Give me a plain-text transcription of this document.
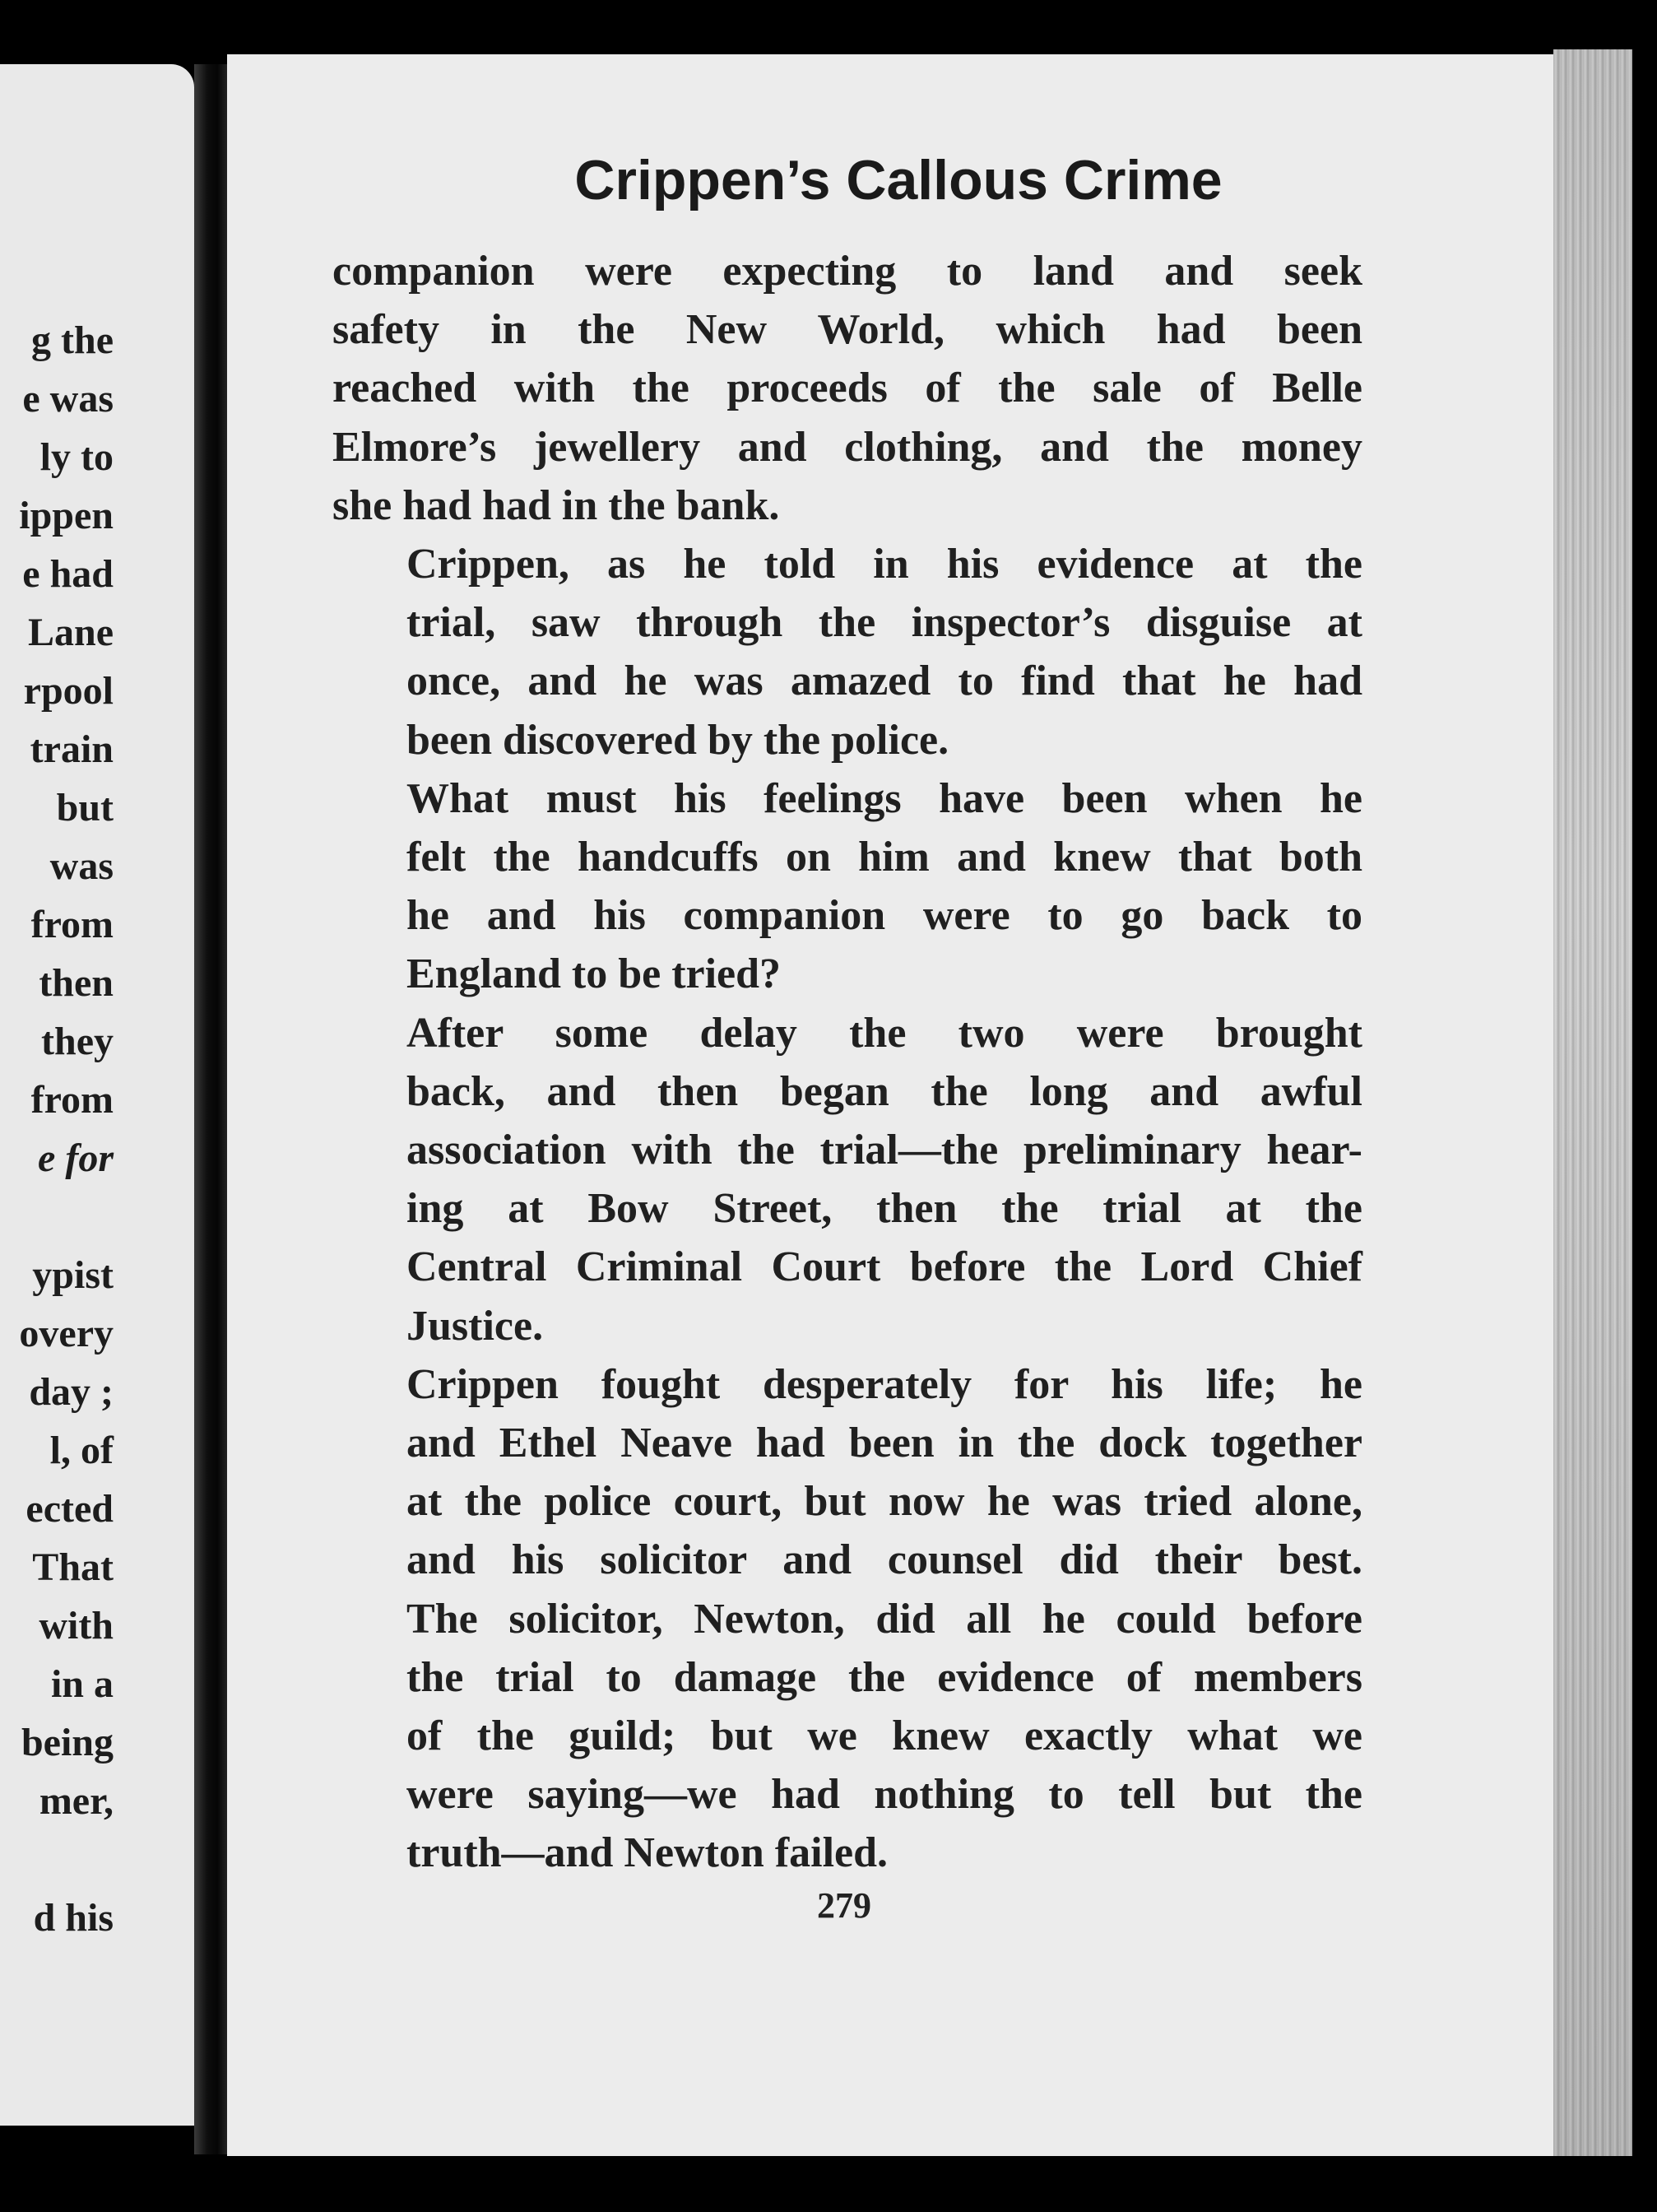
g the
e was
ly to
ippen
e had
Lane
rpool
train
but
was
from
then
they
from
e for
ypist
overy
day ;
l, of
ected
That
with
in a
being
mer,
d his
Crippen’s Callous Crime

companion were expecting to land and seek
safety in the New World, which had been
reached with the proceeds of the sale of Belle
Elmore’s jewellery and clothing, and the money
she had had in the bank.

Crippen, as he told in his evidence at the
trial, saw through the inspector’s disguise at
once, and he was amazed to find that he had
been discovered by the police.

What must his feelings have been when he
felt the handcuffs on him and knew that both
he and his companion were to go back to
England to be tried?

After some delay the two were brought
back, and then began the long and awful
association with the trial—the preliminary hear-
ing at Bow Street, then the trial at the
Central Criminal Court before the Lord Chief
Justice.

Crippen fought desperately for his life; he
and Ethel Neave had been in the dock together
at the police court, but now he was tried alone,
and his solicitor and counsel did their best.
The solicitor, Newton, did all he could before
the trial to damage the evidence of members
of the guild; but we knew exactly what we
were saying—we had nothing to tell but the
truth—and Newton failed.

279
